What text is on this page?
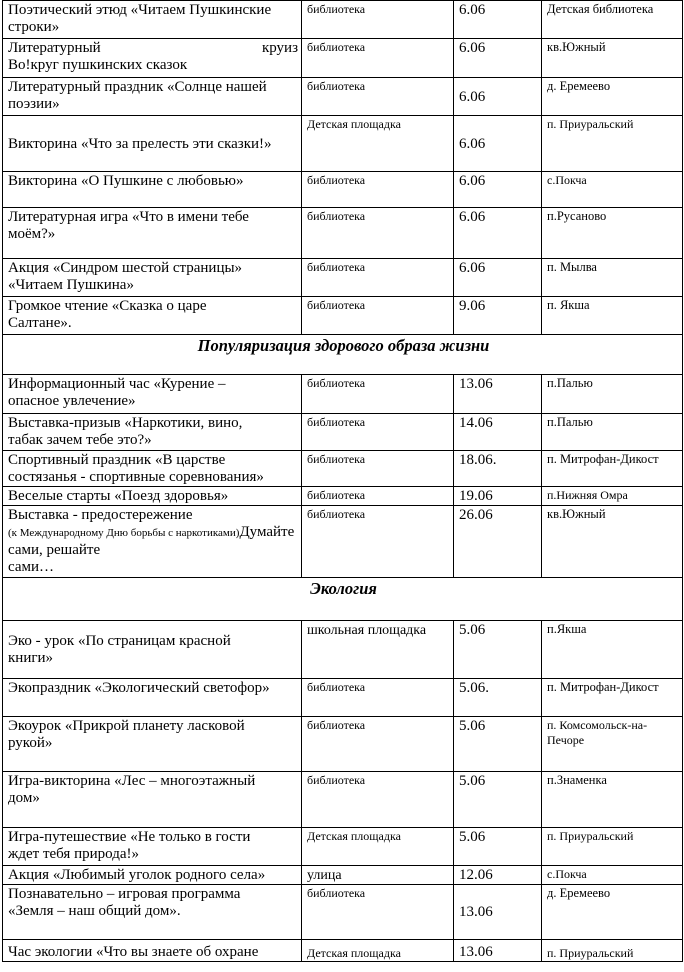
Поэтический этюд «Читаем Пушкинские
строки»	библиотека	6.06	Детская библиотека

Литературный круиз
Во!круг пушкинских сказок	библиотека	6.06	кв.Южный

Литературный праздник «Солнце нашей
поэзии»	библиотека	6.06	д. Еремеево

Викторина «Что за прелесть эти сказки!»	Детская площадка	6.06	п. Приуральский

Викторина «О Пушкине с любовью»	библиотека	6.06	с.Покча

Литературная игра «Что в имени тебе
моём?»	библиотека	6.06	п.Русаново

Акция «Синдром шестой страницы»
«Читаем Пушкина»	библиотека	6.06	п. Мылва

Громкое чтение «Сказка о царе
Салтане».	библиотека	9.06	п. Якша
Популяризация здорового образа жизни			

Информационный час «Курение –
опасное увлечение»	библиотека	13.06	п.Палью

Выставка-призыв «Наркотики, вино,
табак зачем тебе это?»	библиотека	14.06	п.Палью

Спортивный праздник «В царстве
состязанья - спортивные соревнования»	библиотека	18.06.	п. Митрофан-Дикост

Веселые старты «Поезд здоровья»	библиотека	19.06	п.Нижняя Омра

Выставка - предостережение
(к Международному Дню борьбы с наркотиками)Думайте сами, решайте
сами…	библиотека	26.06	кв.Южный
Экология			

Эко - урок «По страницам красной
книги»	школьная площадка	5.06	п.Якша

Экопраздник «Экологический светофор»	библиотека	5.06.	п. Митрофан-Дикост

Экоурок «Прикрой планету ласковой
рукой»	библиотека	5.06	п. Комсомольск-на-Печоре

Игра-викторина «Лес – многоэтажный
дом»	библиотека	5.06	п.Знаменка

Игра-путешествие «Не только в гости
ждет тебя природа!»	Детская площадка	5.06	п. Приуральский

Акция «Любимый уголок родного села»	улица	12.06	с.Покча

Познавательно – игровая программа
«Земля – наш общий дом».	библиотека	13.06	д. Еремеево

Час экологии «Что вы знаете об охране	Детская площадка	13.06	п. Приуральский
